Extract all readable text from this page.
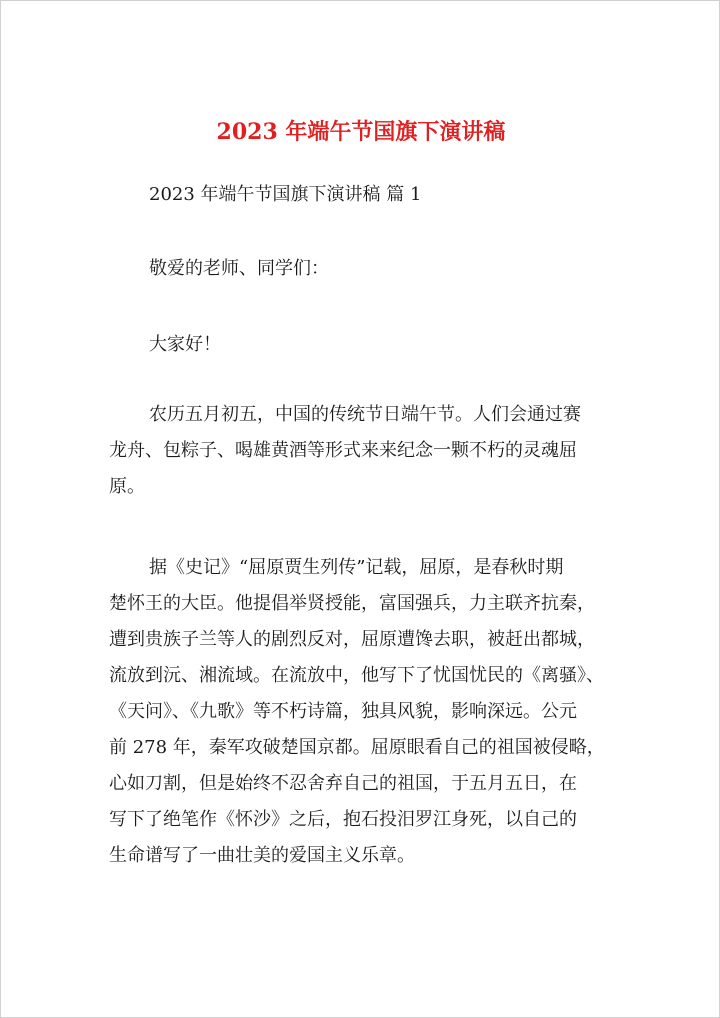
2023 年端午节国旗下演讲稿

2023 年端午节国旗下演讲稿 篇 1

敬爱的老师、同学们：

大家好！

农历五月初五，中国的传统节日端午节。人们会通过赛
龙舟、包粽子、喝雄黄酒等形式来来纪念一颗不朽的灵魂屈
原。
据《史记》“屈原贾生列传”记载，屈原，是春秋时期
楚怀王的大臣。他提倡举贤授能，富国强兵，力主联齐抗秦，
遭到贵族子兰等人的剧烈反对，屈原遭馋去职，被赶出都城，
流放到沅、湘流域。在流放中，他写下了忧国忧民的《离骚》、
《天问》、《九歌》等不朽诗篇，独具风貌，影响深远。公元
前 278 年，秦军攻破楚国京都。屈原眼看自己的祖国被侵略，
心如刀割，但是始终不忍舍弃自己的祖国，于五月五日，在
写下了绝笔作《怀沙》之后，抱石投汨罗江身死，以自己的
生命谱写了一曲壮美的爱国主义乐章。
